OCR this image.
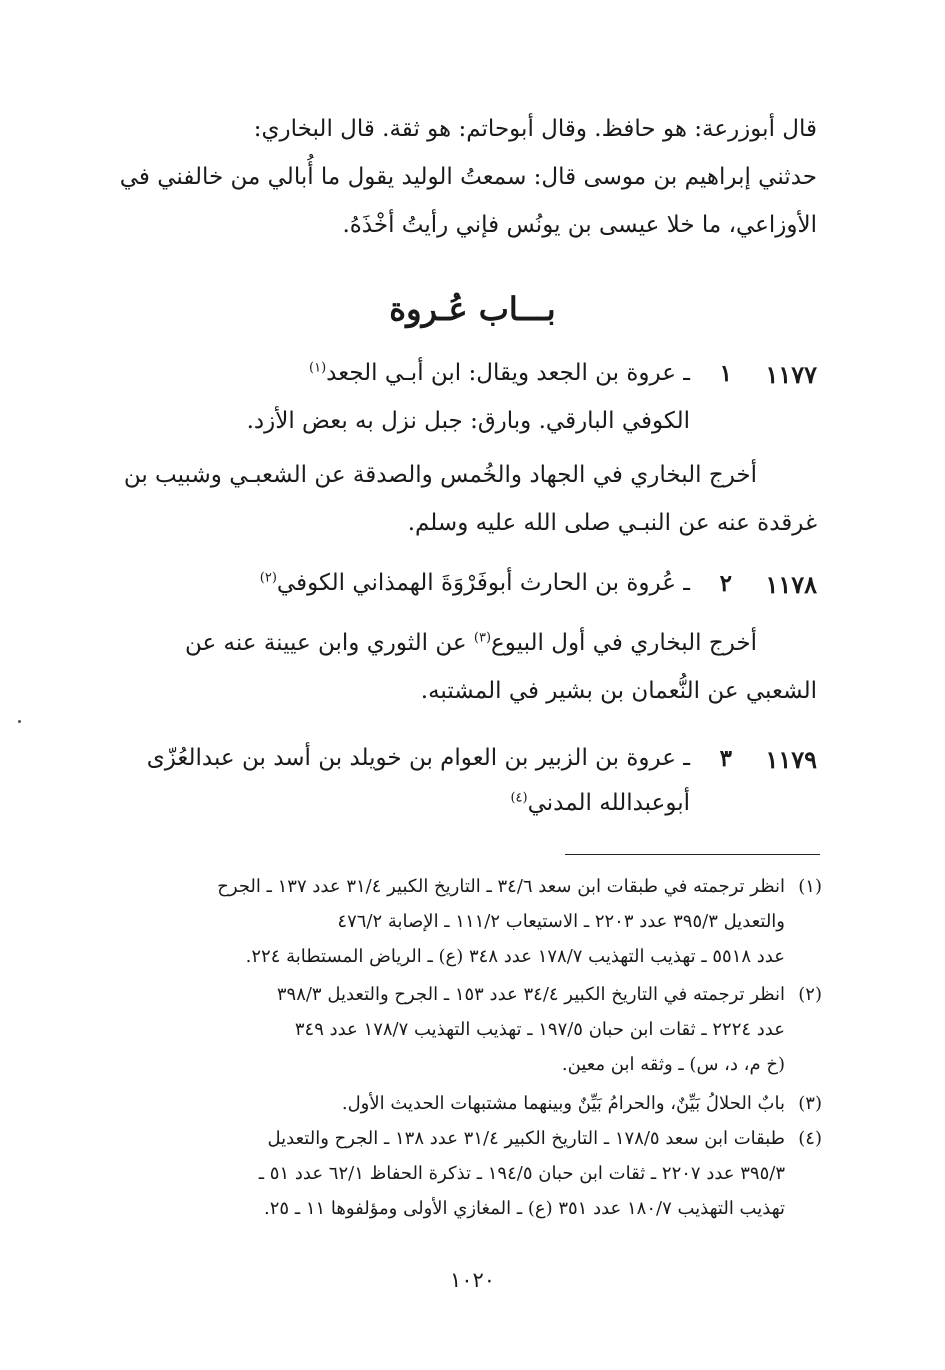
قال أبوزرعة: هو حافظ. وقال أبوحاتم: هو ثقة. قال البخاري:
حدثني إبراهيم بن موسى قال: سمعتُ الوليد يقول ما أُبالي من خالفني في
الأوزاعي، ما خلا عيسى بن يونُس فإني رأيتُ أخْذَهُ.
بـــاب عُـروة
١١٧٧
١
ـ عروة بن الجعد ويقال: ابن أبـي الجعد$^{(١)}$
الكوفي البارقي. وبارق: جبل نزل به بعض الأزد.
أخرج البخاري في الجهاد والخُمس والصدقة عن الشعبـي وشبيب بن
غرقدة عنه عن النبـي صلى الله عليه وسلم.
١١٧٨
٢
ـ عُروة بن الحارث أبوفَرْوَةَ الهمذاني الكوفي$^{(٢)}$
أخرج البخاري في أول البيوع$^{(٣)}$ عن الثوري وابن عيينة عنه عن
الشعبي عن النُّعمان بن بشير في المشتبه.
١١٧٩
٣
ـ عروة بن الزبير بن العوام بن خويلد بن أسد بن عبدالعُزّى
أبوعبدالله المدني$^{(٤)}$
(١)
انظر ترجمته في طبقات ابن سعد ٣٤/٦ ـ التاريخ الكبير ٣١/٤ عدد ١٣٧ ـ الجرح
والتعديل ٣٩٥/٣ عدد ٢٢٠٣ ـ الاستيعاب ١١١/٢ ـ الإصابة ٤٧٦/٢
عدد ٥٥١٨ ـ تهذيب التهذيب ١٧٨/٧ عدد ٣٤٨ (ع) ـ الرياض المستطابة ٢٢٤.
(٢)
انظر ترجمته في التاريخ الكبير ٣٤/٤ عدد ١٥٣ ـ الجرح والتعديل ٣٩٨/٣
عدد ٢٢٢٤ ـ ثقات ابن حبان ١٩٧/٥ ـ تهذيب التهذيب ١٧٨/٧ عدد ٣٤٩
(خ م، د، س) ـ وثقه ابن معين.
(٣)
بابٌ الحلالُ بَيِّنٌ، والحرامُ بَيِّنٌ وبينهما مشتبهات الحديث الأول.
(٤)
طبقات ابن سعد ١٧٨/٥ ـ التاريخ الكبير ٣١/٤ عدد ١٣٨ ـ الجرح والتعديل
٣٩٥/٣ عدد ٢٢٠٧ ـ ثقات ابن حبان ١٩٤/٥ ـ تذكرة الحفاظ ٦٢/١ عدد ٥١ ـ
تهذيب التهذيب ١٨٠/٧ عدد ٣٥١ (ع) ـ المغازي الأولى ومؤلفوها ١١ ـ ٢٥.
١٠٢٠
